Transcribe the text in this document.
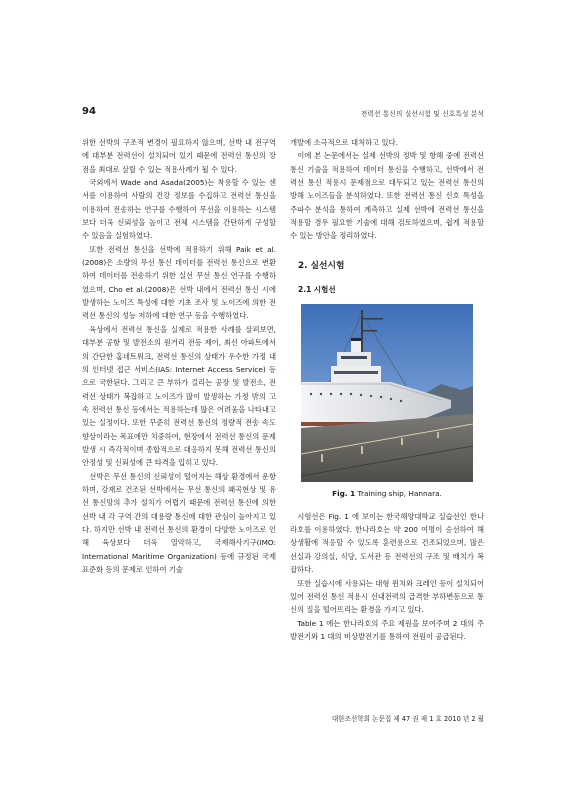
94	전력선 통신의 실선시험 및 신호특성 분석

위한 선박의 구조적 변경이 필요하지 않으며, 선박 내 전구역에 대부분 전력선이 설치되어 있기 때문에 전력선 통신의 장점을 최대로 살릴 수 있는 적용사례가 될 수 있다.

국외에서 Wade and Asada(2005)는 착용할 수 있는 센서를 이용하여 사람의 건강 정보를 수집하고 전력선 통신을 이용하여 전송하는 연구를 수행하여 무선을 이용하는 시스템보다 더욱 신뢰성을 높이고 전체 시스템을 간단하게 구성할 수 있음을 실험하였다.

또한 전력선 통신을 선박에 적용하기 위해 Paik et al.(2008)은 소량의 무선 통신 데이터를 전력선 통신으로 변환하여 데이터를 전송하기 위한 실선 무선 통신 연구를 수행하였으며, Cho et al.(2008)은 선박 내에서 전력선 통신 시에 발생하는 노이즈 특성에 대한 기초 조사 및 노이즈에 의한 전력선 통신의 성능 저하에 대한 연구 등을 수행하였다.

육상에서 전력선 통신을 실제로 적용한 사례를 살펴보면, 대부분 공항 및 발전소의 원거리 전등 제어, 최신 아파트에서의 간단한 홈네트워크, 전력선 통신의 상태가 우수한 가정 내의 인터넷 접근 서비스(IAS: Internet Access Service) 등으로 국한된다. 그리고 큰 부하가 걸리는 공장 및 발전소, 전력선 상태가 복잡하고 노이즈가 많이 발생하는 가정 밖의 고속 전력선 통신 등에서는 적용하는데 많은 어려움을 나타내고 있는 실정이다. 또한 꾸준히 전력선 통신의 정량적 전송 속도 향상이라는 목표에만 치중하여, 현장에서 전력선 통신의 문제 발생 시 즉각적이며 종합적으로 대응하지 못해 전력선 통신의 안정성 및 신뢰성에 큰 타격을 입히고 있다.

선박은 무선 통신의 신뢰성이 떨어지는 해상 환경에서 운항하며, 강재로 건조된 선박에서는 무선 통신의 왜곡현상 및 유선 통신망의 추가 설치가 어렵기 때문에 전력선 통신에 의한 선박 내 각 구역 간의 대용량 통신에 대한 관심이 높아지고 있다. 하지만 선박 내 전력선 통신의 환경이 다양한 노이즈로 인해 육상보다 더욱 열악하고, 국제해사기구(IMO: International Maritime Organization) 등에 규정된 국제 표준화 등의 문제로 인하여 기술

개발에 소극적으로 대처하고 있다.

이에 본 논문에서는 실제 선박의 정박 및 항해 중에 전력선 통신 기술을 적용하여 데이터 통신을 수행하고, 선박에서 전력선 통신 적용시 문제점으로 대두되고 있는 전력선 통신의 방해 노이즈들을 분석하였다. 또한 전력선 통신 신호 특성을 주파수 분석을 통하여 계측하고 실제 선박에 전력선 통신을 적용할 경우 필요한 기술에 대해 검토하였으며, 쉽게 적용할 수 있는 방안을 정리하였다.

2. 실선시험
2.1 시험선
Fig. 1 Training ship, Hannara.

시험선은 Fig. 1 에 보이는 한국해양대학교 실습선인 한나라호를 이용하였다. 한나라호는 약 200 여명이 승선하여 해상생활에 적응할 수 있도록 훈련용으로 건조되었으며, 많은 선실과 강의실, 식당, 도서관 등 전력선의 구조 및 배치가 복잡하다.

또한 실습시에 사용되는 대형 윈치와 크레인 등이 설치되어 있어 전력선 통신 적용시 선내전력의 급격한 부하변동으로 통신의 질을 떨어뜨리는 환경을 가지고 있다.

Table 1 에는 한나라호의 주요 제원을 보여주며 2 대의 주발전기와 1 대의 비상발전기를 통하여 전원이 공급된다.

대한조선학회 논문집 제 47 권 제 1 호 2010 년 2 월
